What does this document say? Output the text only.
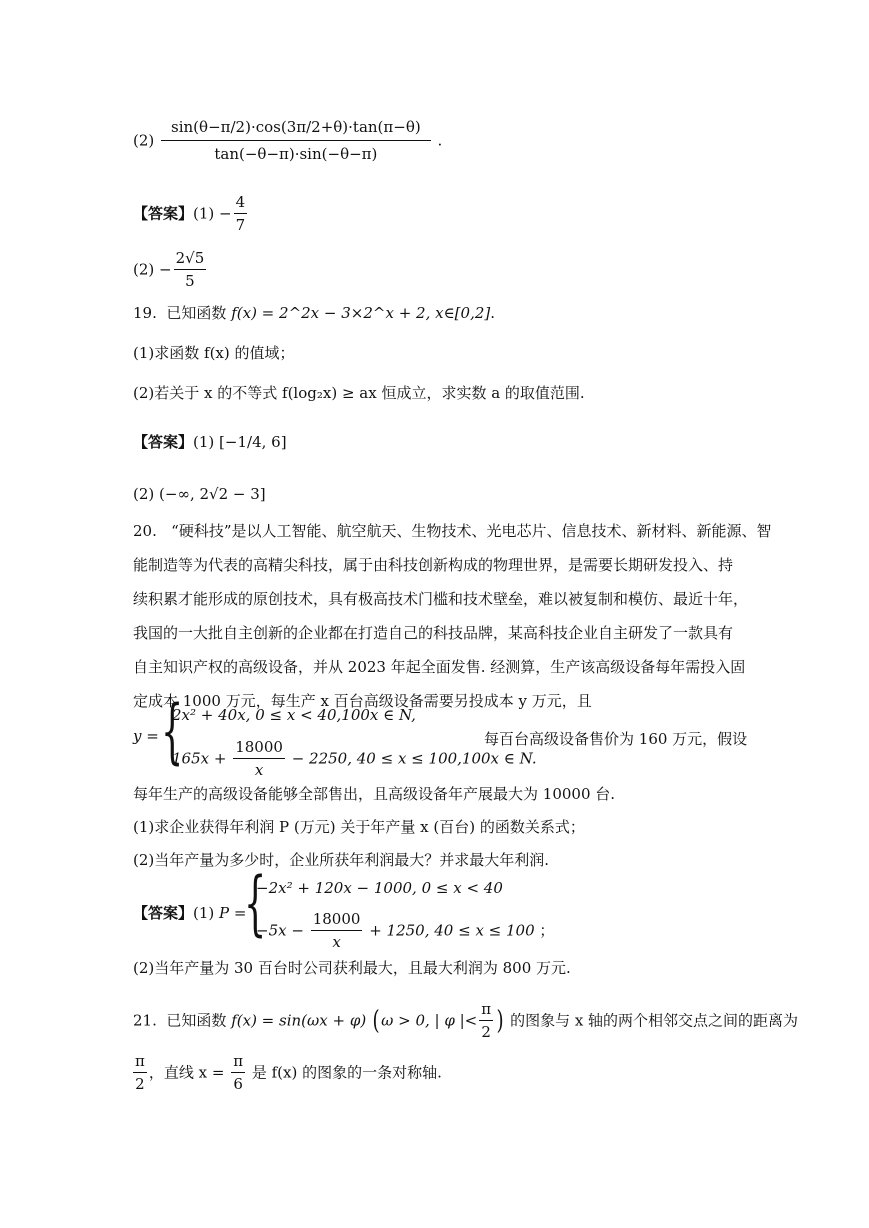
$(2) \frac{\sin(\theta-\pi/2)\cdot\cos(3\pi/2+\theta)\cdot\tan(\pi-\theta)}{\tan(-\theta-\pi)\cdot\sin(-\theta-\pi)}$ .
【答案】$(1) - \frac{4}{7}$
$(2) - \frac{2√5}{5}$
19. 已知函数 f(x) = 2^2x − 3×2^x + 2, x∈[0,2].
(1)求函数 f(x) 的值域；
(2)若关于 x 的不等式 f(log₂x) ≥ ax 恒成立，求实数 a 的取值范围.
【答案】(1) [−1/4, 6]
(2) (−∞, 2√2 − 3]
20. “硬科技”是以人工智能、航空航天、生物技术、光电芯片、信息技术、新材料、新能源、智
能制造等为代表的高精尖科技，属于由科技创新构成的物理世界，是需要长期研发投入、持
续积累才能形成的原创技术，具有极高技术门槛和技术壁垒，难以被复制和模仿、最近十年，
我国的一大批自主创新的企业都在打造自己的科技品牌，某高科技企业自主研发了一款具有
自主知识产权的高级设备，并从 2023 年起全面发售. 经测算，生产该高级设备每年需投入固
定成本 1000 万元，每生产 x 百台高级设备需要另投成本 y 万元，且
y = {
2x² + 40x, 0 ≤ x < 40,100x ∈ N,
$165x + \frac{18000}{x} - 2250$, 40 ≤ x ≤ 100,100x ∈ N.
每百台高级设备售价为 160 万元，假设
每年生产的高级设备能够全部售出，且高级设备年产展最大为 10000 台.
(1)求企业获得年利润 P (万元) 关于年产量 x (百台) 的函数关系式；
(2)当年产量为多少时，企业所获年利润最大？并求最大年利润.
【答案】(1) P =
{
−2x² + 120x − 1000, 0 ≤ x < 40
$-5x - \frac{18000}{x} + 1250$, 40 ≤ x ≤ 100 ；
(2)当年产量为 30 百台时公司获利最大，且最大利润为 800 万元.
21. 已知函数 f(x) = sin(ωx + φ) ( ω > 0, | φ |< $\frac{\pi}{2}$ ) 的图象与 x 轴的两个相邻交点之间的距离为
$\frac{\pi}{2}$ ，直线 $x = \frac{\pi}{6}$ 是 f(x) 的图象的一条对称轴.
